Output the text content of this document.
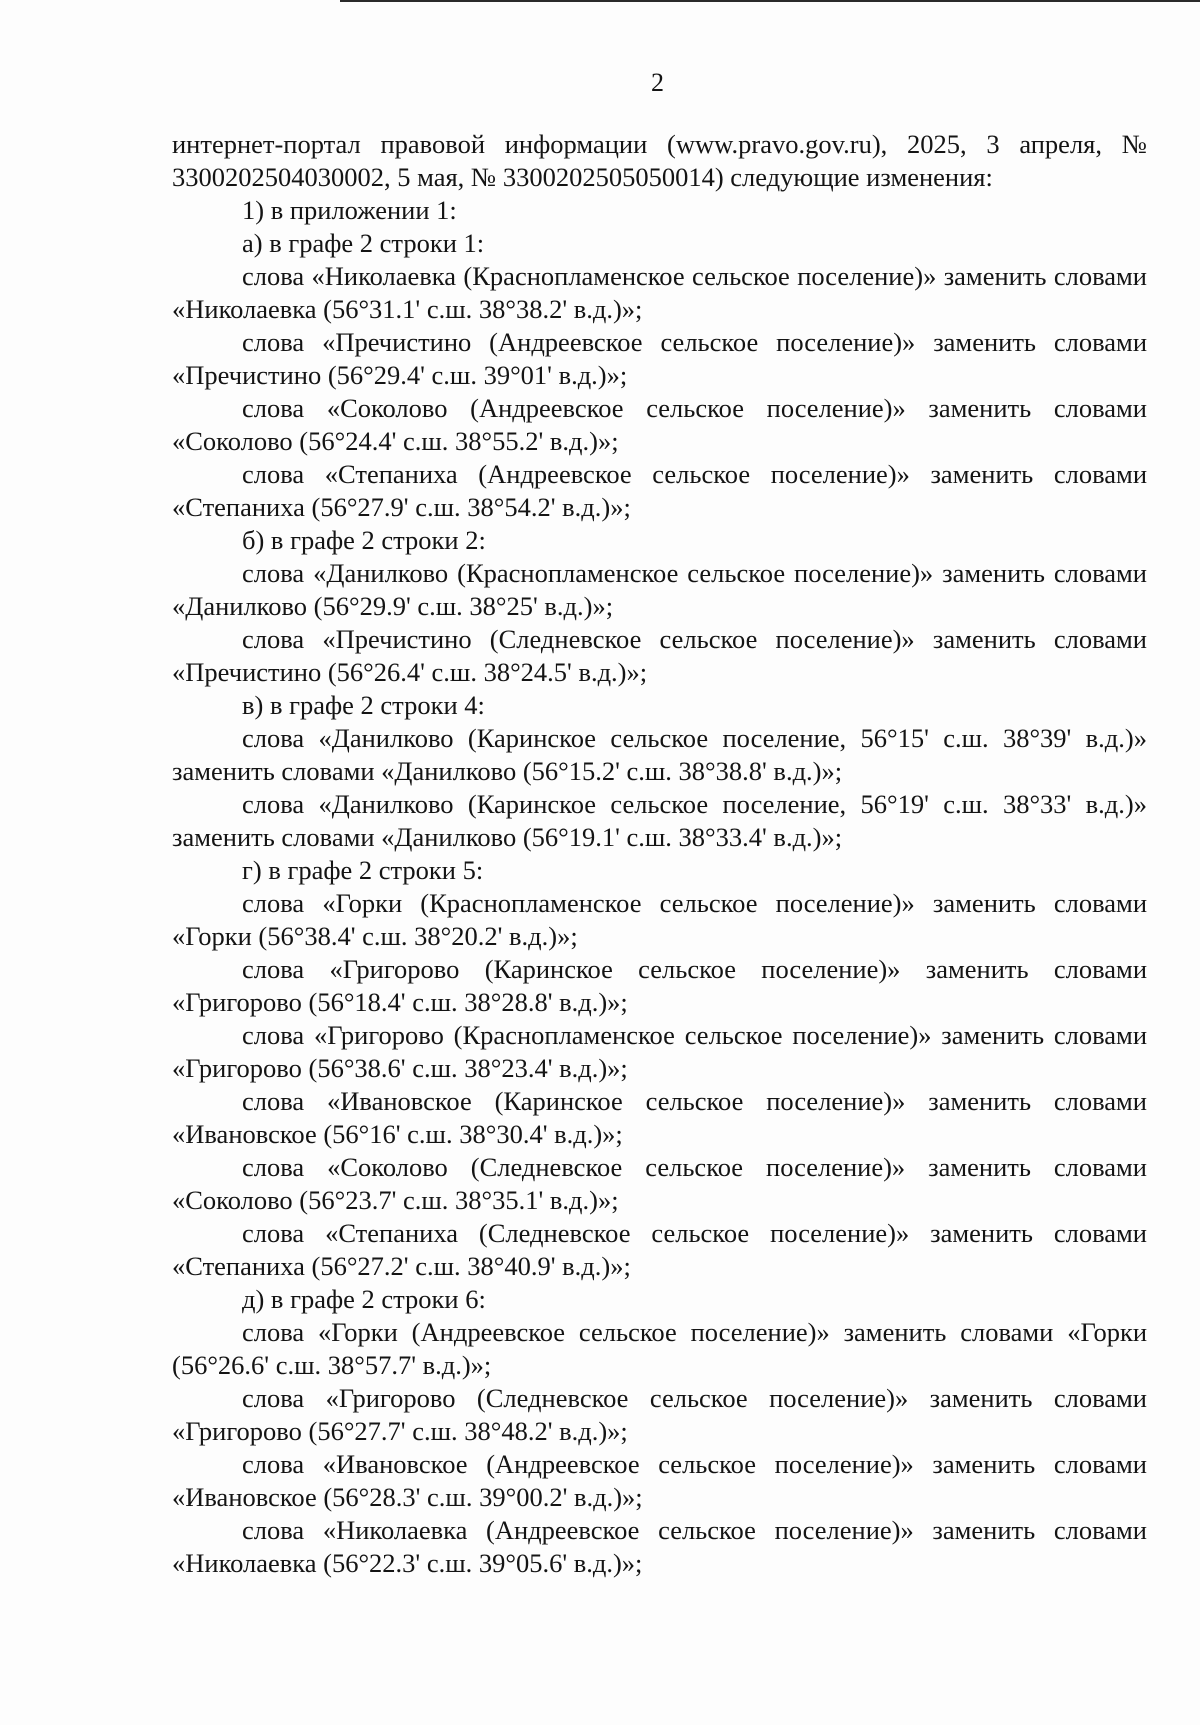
2

интернет-портал правовой информации (www.pravo.gov.ru), 2025, 3 апреля, № 3300202504030002, 5 мая, № 3300202505050014) следующие изменения:

1) в приложении 1:

а) в графе 2 строки 1:

слова «Николаевка (Краснопламенское сельское поселение)» заменить словами «Николаевка (56°31.1' с.ш. 38°38.2' в.д.)»;

слова «Пречистино (Андреевское сельское поселение)» заменить словами «Пречистино (56°29.4' с.ш. 39°01' в.д.)»;

слова «Соколово (Андреевское сельское поселение)» заменить словами «Соколово (56°24.4' с.ш. 38°55.2' в.д.)»;

слова «Степаниха (Андреевское сельское поселение)» заменить словами «Степаниха (56°27.9' с.ш. 38°54.2' в.д.)»;

б) в графе 2 строки 2:

слова «Данилково (Краснопламенское сельское поселение)» заменить словами «Данилково (56°29.9' с.ш. 38°25' в.д.)»;

слова «Пречистино (Следневское сельское поселение)» заменить словами «Пречистино (56°26.4' с.ш. 38°24.5' в.д.)»;

в) в графе 2 строки 4:

слова «Данилково (Каринское сельское поселение, 56°15' с.ш. 38°39' в.д.)» заменить словами «Данилково (56°15.2' с.ш. 38°38.8' в.д.)»;

слова «Данилково (Каринское сельское поселение, 56°19' с.ш. 38°33' в.д.)» заменить словами «Данилково (56°19.1' с.ш. 38°33.4' в.д.)»;

г) в графе 2 строки 5:

слова «Горки (Краснопламенское сельское поселение)» заменить словами «Горки (56°38.4' с.ш. 38°20.2' в.д.)»;

слова «Григорово (Каринское сельское поселение)» заменить словами «Григорово (56°18.4' с.ш. 38°28.8' в.д.)»;

слова «Григорово (Краснопламенское сельское поселение)» заменить словами «Григорово (56°38.6' с.ш. 38°23.4' в.д.)»;

слова «Ивановское (Каринское сельское поселение)» заменить словами «Ивановское (56°16' с.ш. 38°30.4' в.д.)»;

слова «Соколово (Следневское сельское поселение)» заменить словами «Соколово (56°23.7' с.ш. 38°35.1' в.д.)»;

слова «Степаниха (Следневское сельское поселение)» заменить словами «Степаниха (56°27.2' с.ш. 38°40.9' в.д.)»;

д) в графе 2 строки 6:

слова «Горки (Андреевское сельское поселение)» заменить словами «Горки (56°26.6' с.ш. 38°57.7' в.д.)»;

слова «Григорово (Следневское сельское поселение)» заменить словами «Григорово (56°27.7' с.ш. 38°48.2' в.д.)»;

слова «Ивановское (Андреевское сельское поселение)» заменить словами «Ивановское (56°28.3' с.ш. 39°00.2' в.д.)»;

слова «Николаевка (Андреевское сельское поселение)» заменить словами «Николаевка (56°22.3' с.ш. 39°05.6' в.д.)»;
